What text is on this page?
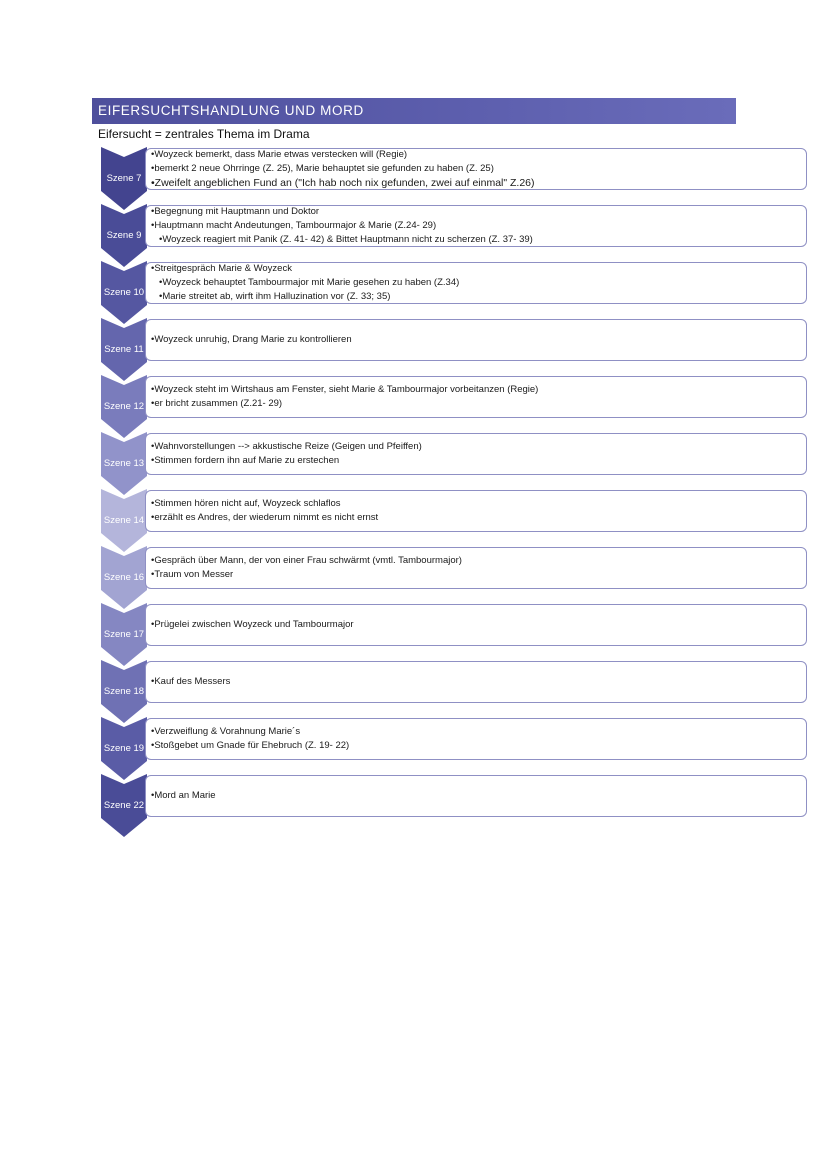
EIFERSUCHTSHANDLUNG UND MORD
Eifersucht = zentrales Thema im Drama
Szene 7
•Woyzeck bemerkt, dass Marie etwas verstecken will (Regie)
•bemerkt 2 neue Ohrringe (Z. 25), Marie behauptet sie gefunden zu haben (Z. 25)
•Zweifelt angeblichen Fund an ("Ich hab noch nix gefunden, zwei auf einmal" Z.26)
Szene 9
•Begegnung mit Hauptmann und Doktor
•Hauptmann macht Andeutungen, Tambourmajor & Marie (Z.24- 29)
•Woyzeck reagiert mit Panik (Z. 41- 42) & Bittet Hauptmann nicht zu scherzen (Z. 37- 39)
Szene 10
•Streitgespräch Marie & Woyzeck
•Woyzeck behauptet Tambourmajor mit Marie gesehen zu haben (Z.34)
•Marie streitet ab, wirft ihm Halluzination vor (Z. 33; 35)
Szene 11
•Woyzeck unruhig, Drang Marie zu kontrollieren
Szene 12
•Woyzeck steht im Wirtshaus am Fenster, sieht Marie & Tambourmajor vorbeitanzen (Regie)
•er bricht zusammen (Z.21- 29)
Szene 13
•Wahnvorstellungen --> akkustische Reize (Geigen und Pfeiffen)
•Stimmen fordern ihn auf Marie zu erstechen
Szene 14
•Stimmen hören nicht auf, Woyzeck schlaflos
•erzählt es Andres, der wiederum nimmt es nicht ernst
Szene 16
•Gespräch über Mann, der von einer Frau schwärmt (vmtl. Tambourmajor)
•Traum von Messer
Szene 17
•Prügelei zwischen Woyzeck und Tambourmajor
Szene 18
•Kauf des Messers
Szene 19
•Verzweiflung & Vorahnung Marie´s
•Stoßgebet um Gnade für Ehebruch (Z. 19- 22)
Szene 22
•Mord an Marie
